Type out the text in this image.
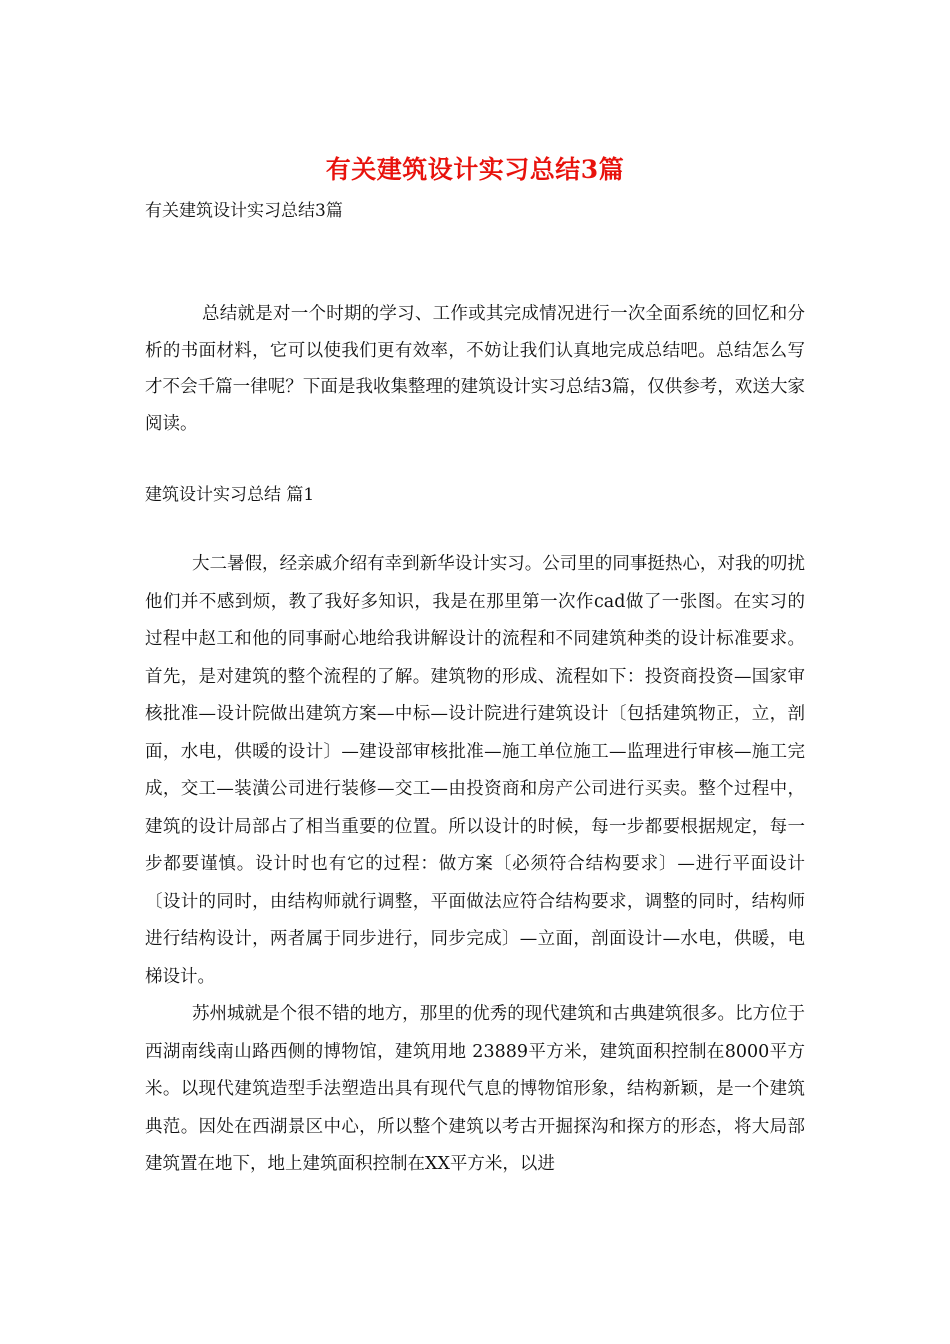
有关建筑设计实习总结3篇

有关建筑设计实习总结3篇

总结就是对一个时期的学习、工作或其完成情况进行一次全面系统的回忆和分析的书面材料，它可以使我们更有效率，不妨让我们认真地完成总结吧。总结怎么写才不会千篇一律呢？下面是我收集整理的建筑设计实习总结3篇，仅供参考，欢送大家阅读。

建筑设计实习总结 篇1

大二暑假，经亲戚介绍有幸到新华设计实习。公司里的同事挺热心，对我的叨扰他们并不感到烦，教了我好多知识，我是在那里第一次作cad做了一张图。在实习的过程中赵工和他的同事耐心地给我讲解设计的流程和不同建筑种类的设计标准要求。首先，是对建筑的整个流程的了解。建筑物的形成、流程如下：投资商投资—国家审核批准—设计院做出建筑方案—中标—设计院进行建筑设计〔包括建筑物正，立，剖面，水电，供暖的设计〕—建设部审核批准—施工单位施工—监理进行审核—施工完成，交工—装潢公司进行装修—交工—由投资商和房产公司进行买卖。整个过程中，建筑的设计局部占了相当重要的位置。所以设计的时候，每一步都要根据规定，每一步都要谨慎。设计时也有它的过程：做方案〔必须符合结构要求〕—进行平面设计〔设计的同时，由结构师就行调整，平面做法应符合结构要求，调整的同时，结构师进行结构设计，两者属于同步进行，同步完成〕—立面，剖面设计—水电，供暖，电梯设计。

苏州城就是个很不错的地方，那里的优秀的现代建筑和古典建筑很多。比方位于西湖南线南山路西侧的博物馆，建筑用地 23889平方米，建筑面积控制在8000平方米。以现代建筑造型手法塑造出具有现代气息的博物馆形象，结构新颖，是一个建筑典范。因处在西湖景区中心，所以整个建筑以考古开掘探沟和探方的形态，将大局部建筑置在地下，地上建筑面积控制在XX平方米，以进
